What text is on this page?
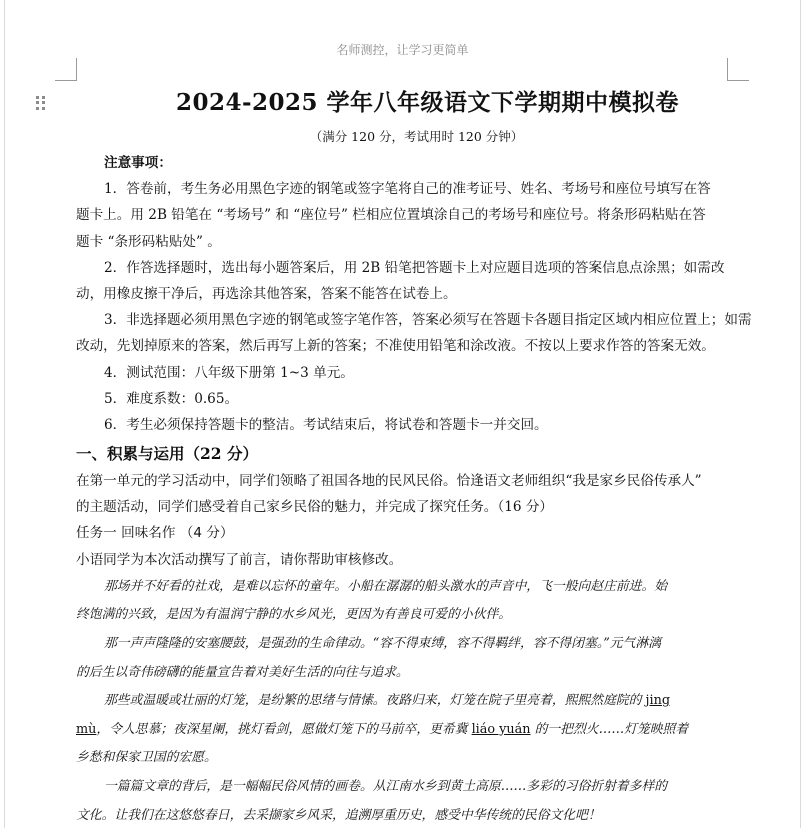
名师测控，让学习更简单
2024-2025 学年八年级语文下学期期中模拟卷
（满分 120 分，考试用时 120 分钟）
注意事项：
1．答卷前，考生务必用黑色字迹的钢笔或签字笔将自己的准考证号、姓名、考场号和座位号填写在答
题卡上。用 2B 铅笔在 “考场号” 和 “座位号” 栏相应位置填涂自己的考场号和座位号。将条形码粘贴在答
题卡 “条形码粘贴处” 。
2．作答选择题时，选出每小题答案后，用 2B 铅笔把答题卡上对应题目选项的答案信息点涂黑；如需改
动，用橡皮擦干净后，再选涂其他答案，答案不能答在试卷上。
3．非选择题必须用黑色字迹的钢笔或签字笔作答，答案必须写在答题卡各题目指定区域内相应位置上；如需
改动，先划掉原来的答案，然后再写上新的答案；不准使用铅笔和涂改液。不按以上要求作答的答案无效。
4．测试范围：八年级下册第 1~3 单元。
5．难度系数：0.65。
6．考生必须保持答题卡的整洁。考试结束后，将试卷和答题卡一并交回。
一、积累与运用（22 分）
在第一单元的学习活动中，同学们领略了祖国各地的民风民俗。恰逢语文老师组织“我是家乡民俗传承人”
的主题活动，同学们感受着自己家乡民俗的魅力，并完成了探究任务。（16 分）
任务一 回味名作 （4 分）
小语同学为本次活动撰写了前言，请你帮助审核修改。
那场并不好看的社戏，是难以忘怀的童年。小船在潺潺的船头激水的声音中，飞一般向赵庄前进。始
终饱满的兴致，是因为有温润宁静的水乡风光，更因为有善良可爱的小伙伴。
那一声声隆隆的安塞腰鼓，是强劲的生命律动。“容不得束缚，容不得羁绊，容不得闭塞。”元气淋漓
的后生以奇伟磅礴的能量宣告着对美好生活的向往与追求。
那些或温暖或壮丽的灯笼，是纷繁的思绪与情愫。夜路归来，灯笼在院子里亮着，熙熙然庭院的 jing
mù，令人思慕；夜深星阑，挑灯看剑，愿做灯笼下的马前卒，更希冀 liáo yuán 的一把烈火……灯笼映照着
乡愁和保家卫国的宏愿。
一篇篇文章的背后，是一幅幅民俗风情的画卷。从江南水乡到黄土高原……多彩的习俗折射着多样的
文化。让我们在这悠悠春日，去采撷家乡风采，追溯厚重历史，感受中华传统的民俗文化吧！
